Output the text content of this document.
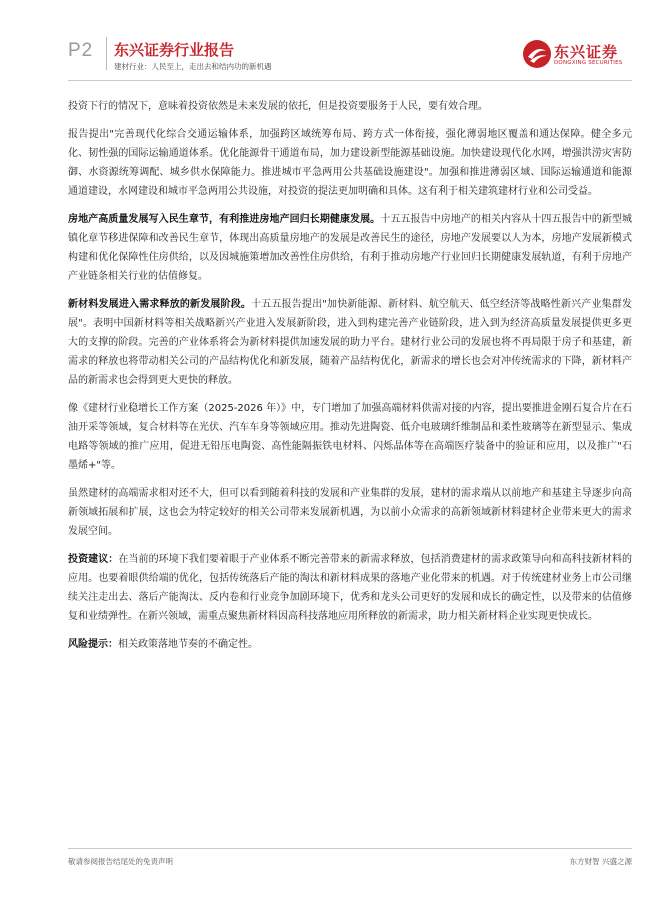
P2 东兴证券行业报告
建材行业：人民至上，走出去和结内功的新机遇
东兴证券
DONGXING SECURITIES

投资下行的情况下，意味着投资依然是未来发展的依托，但是投资要服务于人民，要有效合理。

报告提出"完善现代化综合交通运输体系，加强跨区域统筹布局、跨方式一体衔接，强化薄弱地区覆盖和通达保障。健全多元化、韧性强的国际运输通道体系。优化能源骨干通道布局，加力建设新型能源基础设施。加快建设现代化水网，增强洪涝灾害防御、水资源统筹调配、城乡供水保障能力。推进城市平急两用公共基础设施建设"。加强和推进薄弱区域、国际运输通道和能源通道建设，水网建设和城市平急两用公共设施，对投资的提法更加明确和具体。这有利于相关建筑建材行业和公司受益。

房地产高质量发展写入民生章节，有利推进房地产回归长期健康发展。十五五报告中房地产的相关内容从十四五报告中的新型城镇化章节移进保障和改善民生章节，体现出高质量房地产的发展是改善民生的途径，房地产发展要以人为本，房地产发展新模式构建和优化保障性住房供给，以及因城施策增加改善性住房供给，有利于推动房地产行业回归长期健康发展轨道，有利于房地产产业链条相关行业的估值修复。

新材料发展进入需求释放的新发展阶段。十五五报告提出"加快新能源、新材料、航空航天、低空经济等战略性新兴产业集群发展"。表明中国新材料等相关战略新兴产业进入发展新阶段，进入到构建完善产业链阶段，进入到为经济高质量发展提供更多更大的支撑的阶段。完善的产业体系将会为新材料提供加速发展的助力平台。建材行业公司的发展也将不再局限于房子和基建，新需求的释放也将带动相关公司的产品结构优化和新发展，随着产品结构优化，新需求的增长也会对冲传统需求的下降，新材料产品的新需求也会得到更大更快的释放。

像《建材行业稳增长工作方案（2025-2026 年）》中，专门增加了加强高端材料供需对接的内容，提出要推进金刚石复合片在石油开采等领域，复合材料等在光伏、汽车车身等领域应用。推动先进陶瓷、低介电玻璃纤维制品和柔性玻璃等在新型显示、集成电路等领域的推广应用，促进无铅压电陶瓷、高性能隔振铁电材料、闪烁晶体等在高端医疗装备中的验证和应用，以及推广"石墨烯+"等。

虽然建材的高端需求相对还不大，但可以看到随着科技的发展和产业集群的发展，建材的需求端从以前地产和基建主导逐步向高新领域拓展和扩展，这也会为特定较好的相关公司带来发展新机遇，为以前小众需求的高新领域新材料建材企业带来更大的需求发展空间。

投资建议：在当前的环境下我们要着眼于产业体系不断完善带来的新需求释放，包括消费建材的需求政策导向和高科技新材料的应用。也要着眼供给端的优化，包括传统落后产能的淘汰和新材料成果的落地产业化带来的机遇。对于传统建材业务上市公司继续关注走出去、落后产能淘汰、反内卷和行业竞争加剧环境下，优秀和龙头公司更好的发展和成长的确定性，以及带来的估值修复和业绩弹性。在新兴领域，需重点聚焦新材料因高科技落地应用所释放的新需求，助力相关新材料企业实现更快成长。

风险提示：相关政策落地节奏的不确定性。

敬请参阅报告结尾处的免责声明	东方财智 兴盛之源
